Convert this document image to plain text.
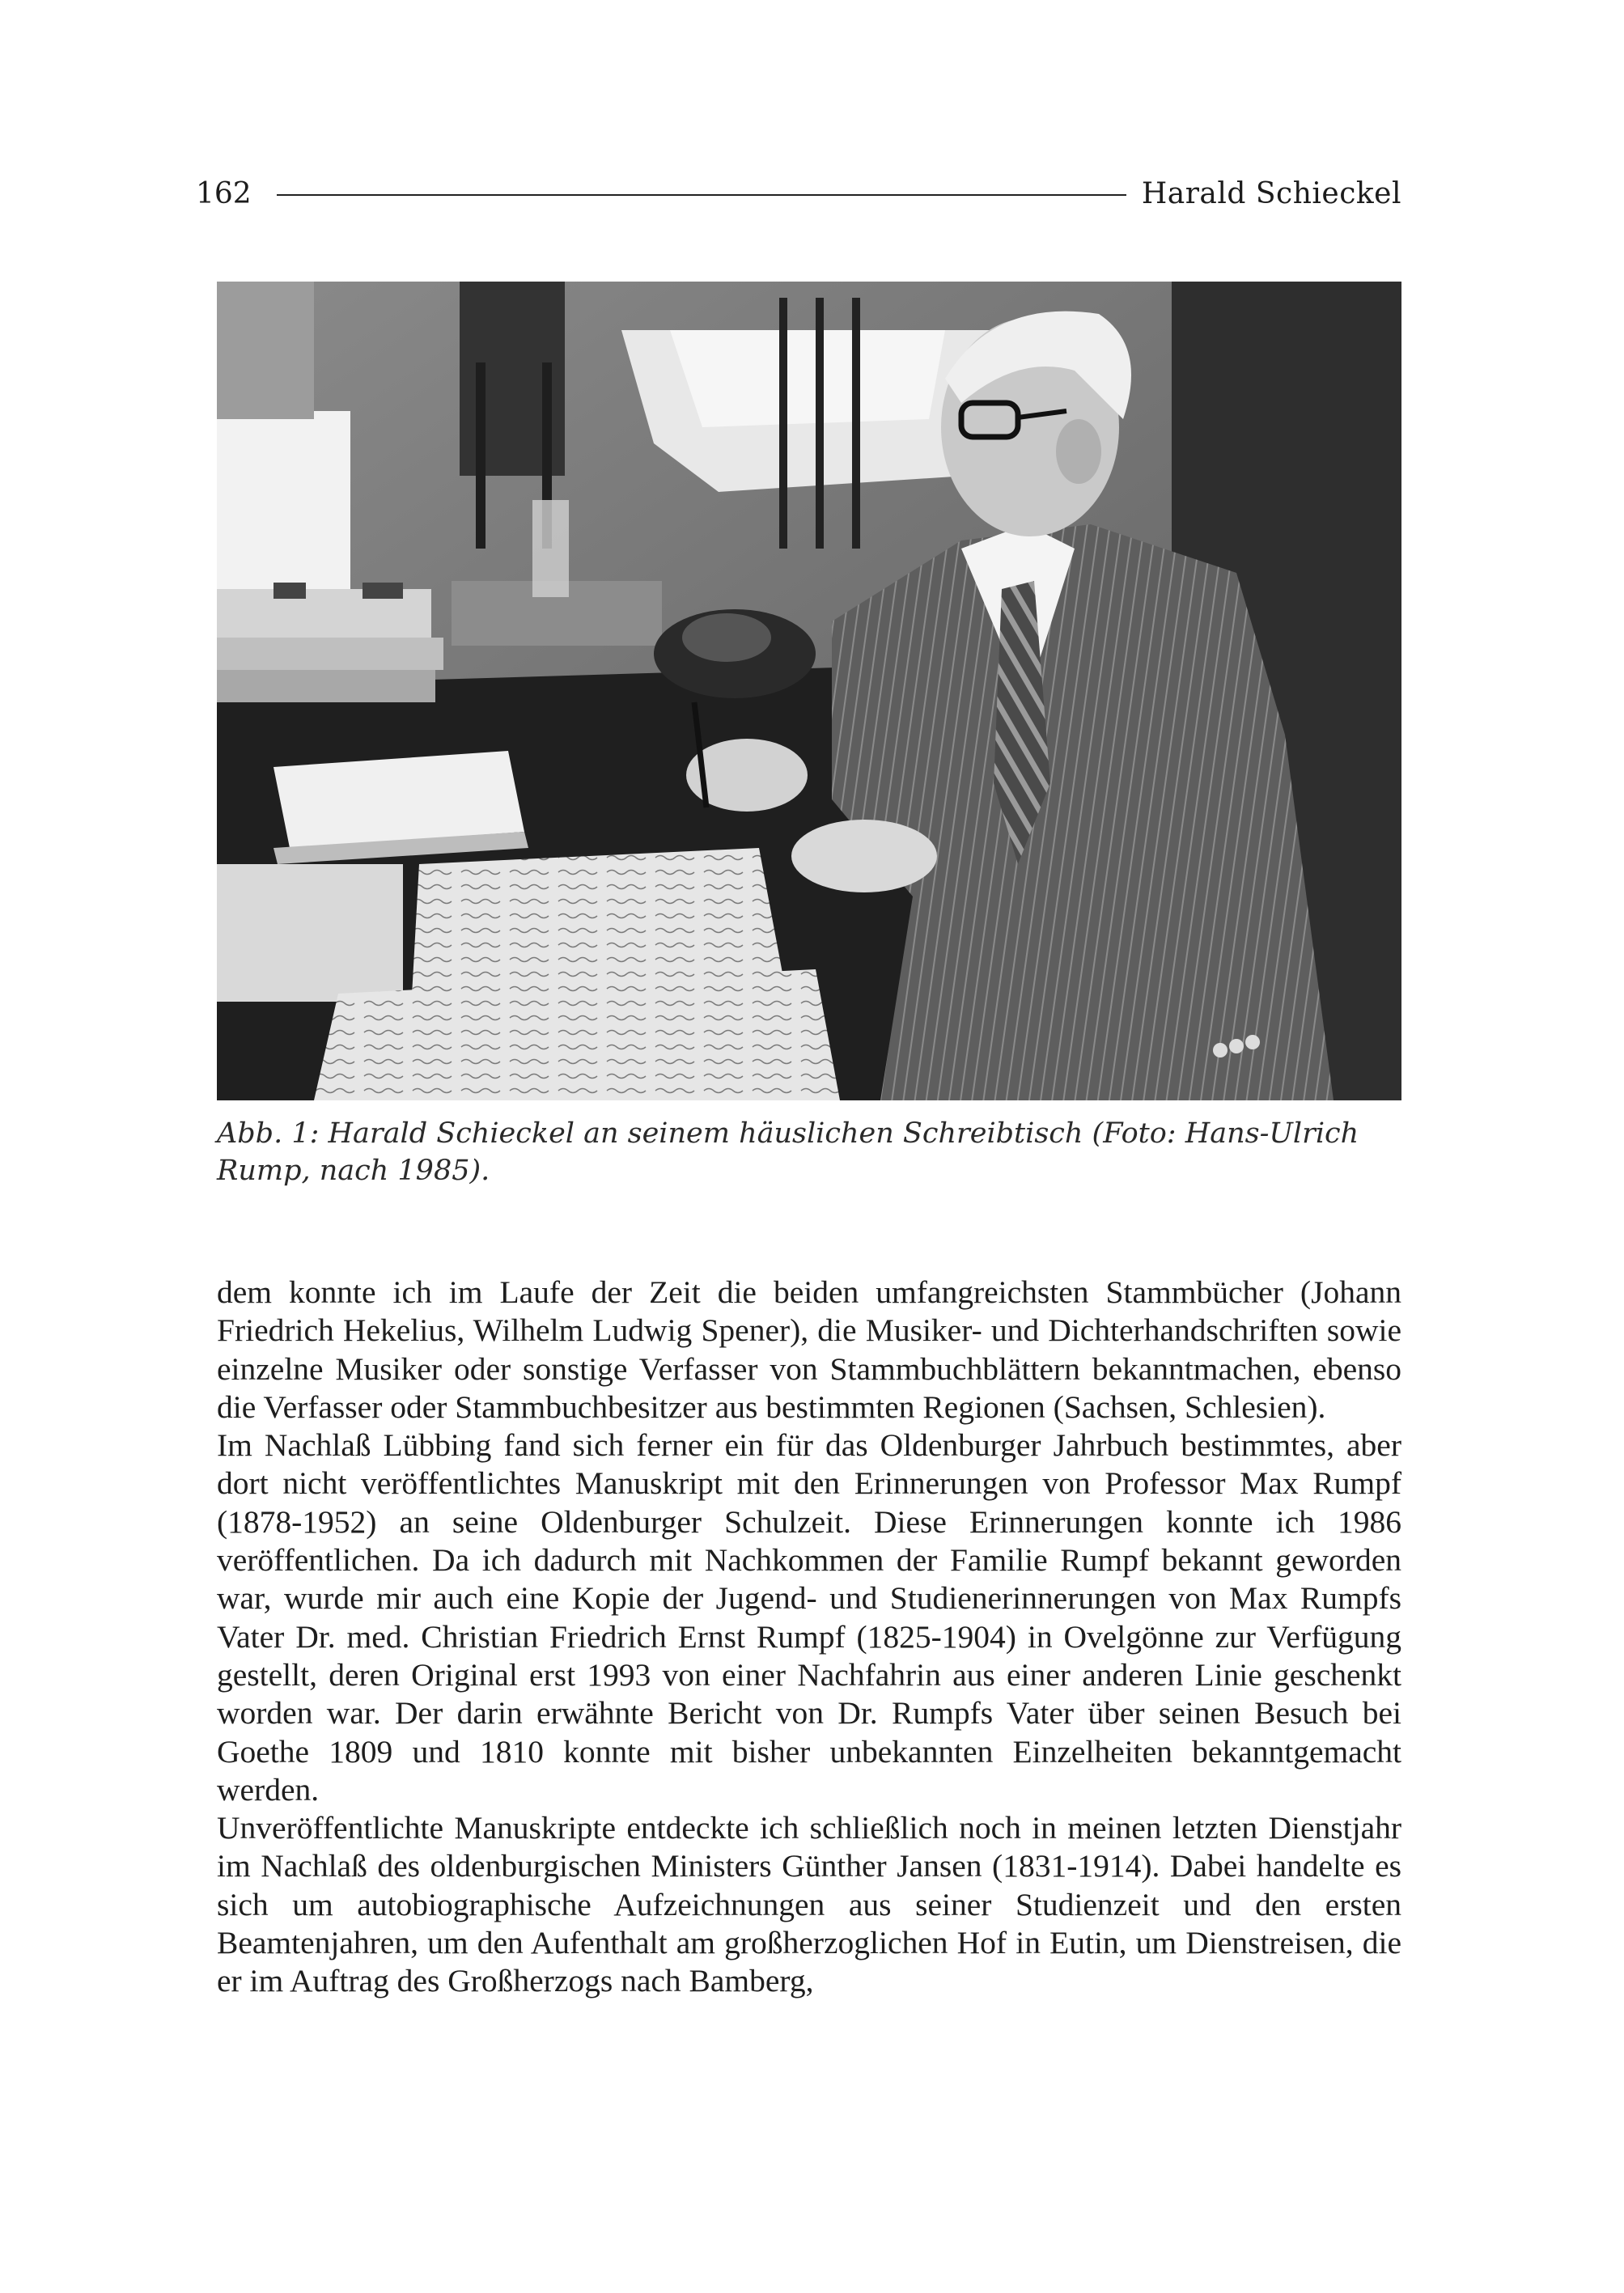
162	Harald Schieckel
Abb. 1: Harald Schieckel an seinem häuslichen Schreibtisch (Foto: Hans-Ulrich Rump, nach 1985).

dem konnte ich im Laufe der Zeit die beiden umfangreichsten Stammbücher (Johann Friedrich Hekelius, Wilhelm Ludwig Spener), die Musiker- und Dichterhandschriften sowie einzelne Musiker oder sonstige Verfasser von Stammbuchblättern bekanntmachen, ebenso die Verfasser oder Stammbuchbesitzer aus bestimmten Regionen (Sachsen, Schlesien).

Im Nachlaß Lübbing fand sich ferner ein für das Oldenburger Jahrbuch bestimmtes, aber dort nicht veröffentlichtes Manuskript mit den Erinnerungen von Professor Max Rumpf (1878-1952) an seine Oldenburger Schulzeit. Diese Erinnerungen konnte ich 1986 veröffentlichen. Da ich dadurch mit Nachkommen der Familie Rumpf bekannt geworden war, wurde mir auch eine Kopie der Jugend- und Studienerinnerungen von Max Rumpfs Vater Dr. med. Christian Friedrich Ernst Rumpf (1825-1904) in Ovelgönne zur Verfügung gestellt, deren Original erst 1993 von einer Nachfahrin aus einer anderen Linie geschenkt worden war. Der darin erwähnte Bericht von Dr. Rumpfs Vater über seinen Besuch bei Goethe 1809 und 1810 konnte mit bisher unbekannten Einzelheiten bekanntgemacht werden.

Unveröffentlichte Manuskripte entdeckte ich schließlich noch in meinen letzten Dienstjahr im Nachlaß des oldenburgischen Ministers Günther Jansen (1831-1914). Dabei handelte es sich um autobiographische Aufzeichnungen aus seiner Studienzeit und den ersten Beamtenjahren, um den Aufenthalt am großherzoglichen Hof in Eutin, um Dienstreisen, die er im Auftrag des Großherzogs nach Bamberg,
